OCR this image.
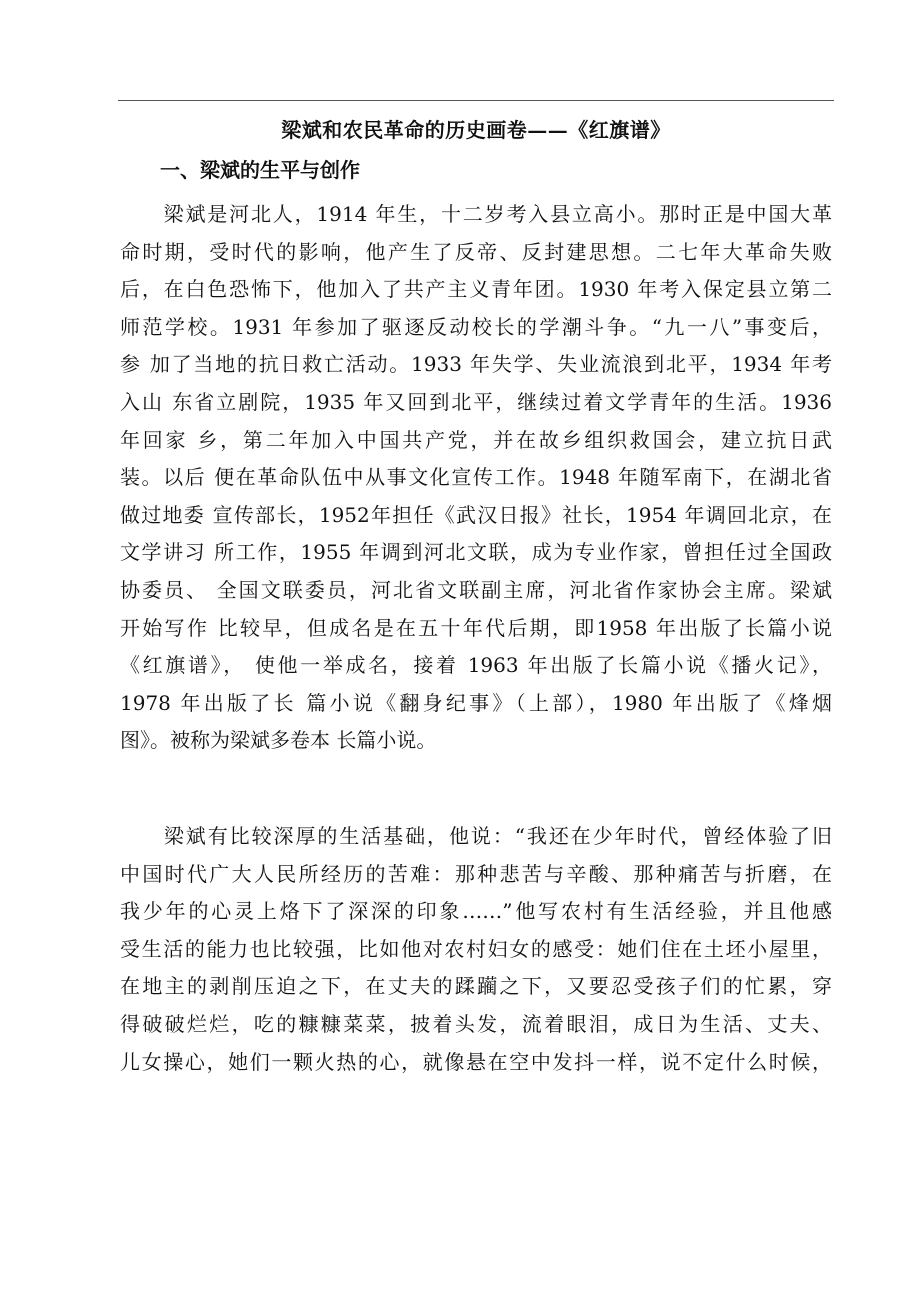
梁斌和农民革命的历史画卷——《红旗谱》
一、梁斌的生平与创作
　　梁斌是河北人，1914 年生，十二岁考入县立高小。那时正是中国大革
命时期，受时代的影响，他产生了反帝、反封建思想。二七年大革命失败
后，在白色恐怖下，他加入了共产主义青年团。1930 年考入保定县立第二
师范学校。1931 年参加了驱逐反动校长的学潮斗争。“九一八”事变后，
参 加了当地的抗日救亡活动。1933 年失学、失业流浪到北平，1934 年考
入山 东省立剧院，1935 年又回到北平，继续过着文学青年的生活。1936
年回家 乡，第二年加入中国共产党，并在故乡组织救国会，建立抗日武
装。以后 便在革命队伍中从事文化宣传工作。1948 年随军南下，在湖北省
做过地委 宣传部长，1952年担任《武汉日报》社长，1954 年调回北京，在
文学讲习 所工作，1955 年调到河北文联，成为专业作家，曾担任过全国政
协委员、 全国文联委员，河北省文联副主席，河北省作家协会主席。梁斌
开始写作 比较早，但成名是在五十年代后期，即1958 年出版了长篇小说
《红旗谱》， 使他一举成名，接着 1963 年出版了长篇小说《播火记》，
1978 年出版了长 篇小说《翻身纪事》（上部），1980 年出版了《烽烟
图》。被称为梁斌多卷本 长篇小说。
　　梁斌有比较深厚的生活基础，他说：“我还在少年时代，曾经体验了旧
中国时代广大人民所经历的苦难：那种悲苦与辛酸、那种痛苦与折磨，在
我少年的心灵上烙下了深深的印象……”他写农村有生活经验，并且他感
受生活的能力也比较强，比如他对农村妇女的感受：她们住在土坯小屋里，
在地主的剥削压迫之下，在丈夫的蹂躏之下，又要忍受孩子们的忙累，穿
得破破烂烂，吃的糠糠菜菜，披着头发，流着眼泪，成日为生活、丈夫、
儿女操心，她们一颗火热的心，就像悬在空中发抖一样，说不定什么时候，
